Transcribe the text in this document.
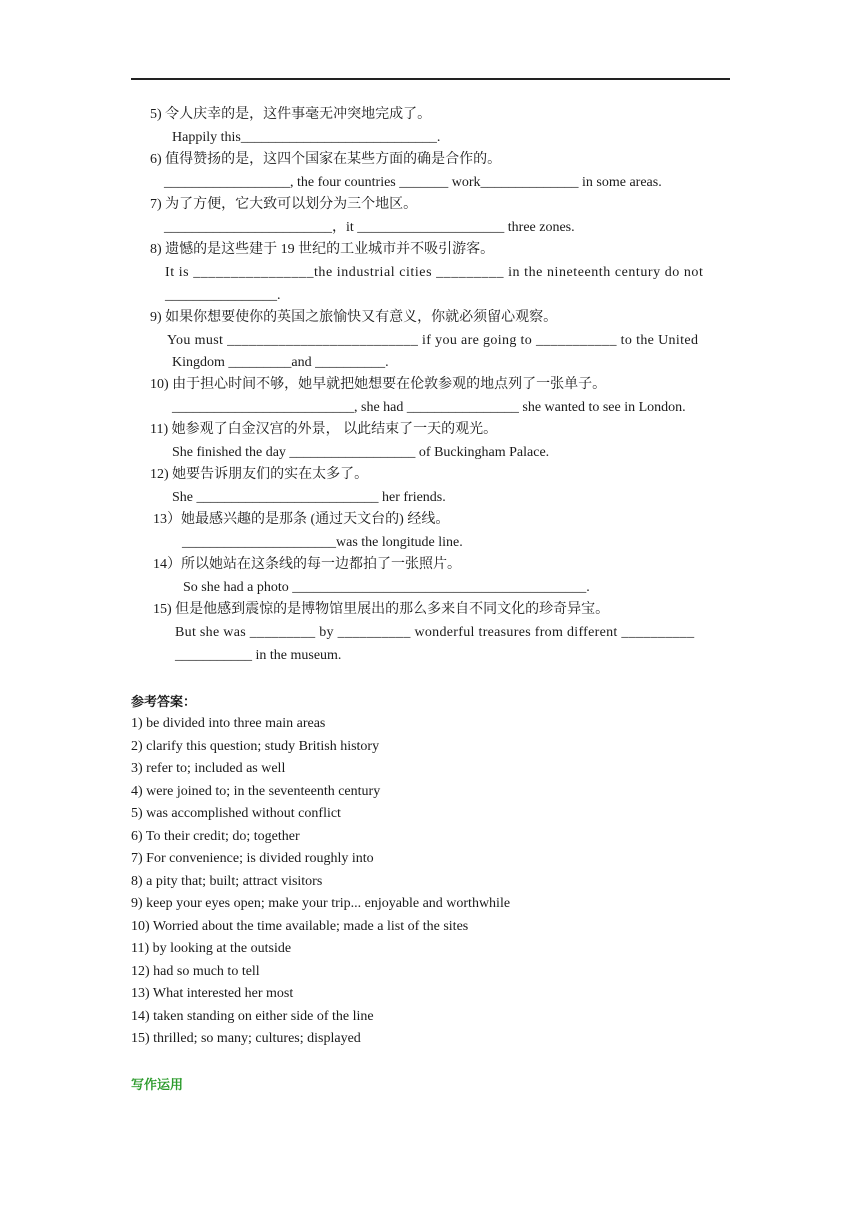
5) 令人庆幸的是，这件事毫无冲突地完成了。
Happily this____________________________.
6) 值得赞扬的是，这四个国家在某些方面的确是合作的。
__________________, the four countries _______ work______________ in some areas.
7) 为了方便，它大致可以划分为三个地区。
________________________，it _____________________ three zones.
8) 遗憾的是这些建于 19 世纪的工业城市并不吸引游客。
It is ________________the industrial cities _________ in the nineteenth century do not
________________.
9) 如果你想要使你的英国之旅愉快又有意义，你就必须留心观察。
You must __________________________ if you are going to ___________ to the United
Kingdom _________and __________.
10) 由于担心时间不够，她早就把她想要在伦敦参观的地点列了一张单子。
__________________________, she had ________________ she wanted to see in London.
11) 她参观了白金汉宫的外景， 以此结束了一天的观光。
She finished the day __________________ of Buckingham Palace.
12) 她要告诉朋友们的实在太多了。
She __________________________ her friends.
13）她最感兴趣的是那条 (通过天文台的) 经线。
______________________was the longitude line.
14）所以她站在这条线的每一边都拍了一张照片。
So she had a photo __________________________________________.
15) 但是他感到震惊的是博物馆里展出的那么多来自不同文化的珍奇异宝。
But she was _________ by __________ wonderful treasures from different __________
___________ in the museum.
参考答案：
1) be divided into three main areas
2) clarify this question; study British history
3) refer to; included as well
4) were joined to; in the seventeenth century
5) was accomplished without conflict
6) To their credit; do; together
7) For convenience; is divided roughly into
8) a pity that; built; attract visitors
9) keep your eyes open; make your trip... enjoyable and worthwhile
10) Worried about the time available; made a list of the sites
11) by looking at the outside
12) had so much to tell
13) What interested her most
14) taken standing on either side of the line
15) thrilled; so many; cultures; displayed
写作运用
